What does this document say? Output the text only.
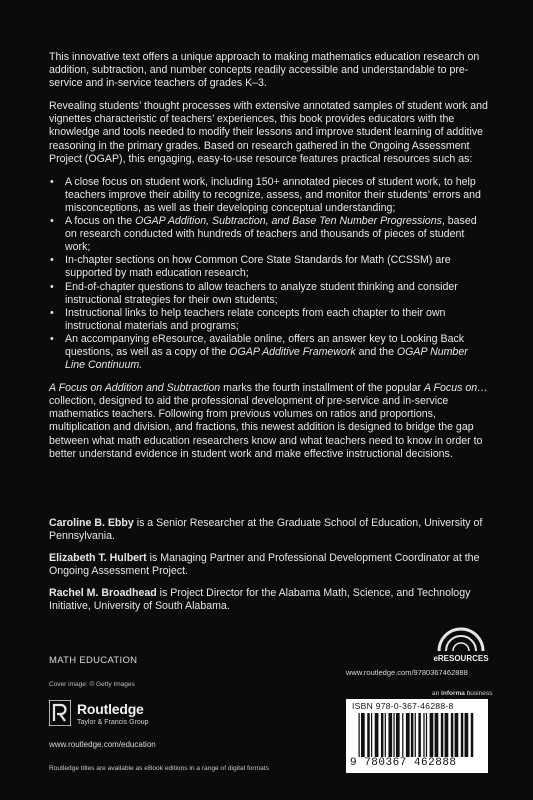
This innovative text offers a unique approach to making mathematics education research on addition, subtraction, and number concepts readily accessible and understandable to pre-service and in-service teachers of grades K–3.

Revealing students’ thought processes with extensive annotated samples of student work and vignettes characteristic of teachers’ experiences, this book provides educators with the knowledge and tools needed to modify their lessons and improve student learning of additive reasoning in the primary grades. Based on research gathered in the Ongoing Assessment Project (OGAP), this engaging, easy-to-use resource features practical resources such as:

• A close focus on student work, including 150+ annotated pieces of student work, to help teachers improve their ability to recognize, assess, and monitor their students’ errors and misconceptions, as well as their developing conceptual understanding;
• A focus on the OGAP Addition, Subtraction, and Base Ten Number Progressions, based on research conducted with hundreds of teachers and thousands of pieces of student work;
• In-chapter sections on how Common Core State Standards for Math (CCSSM) are supported by math education research;
• End-of-chapter questions to allow teachers to analyze student thinking and consider instructional strategies for their own students;
• Instructional links to help teachers relate concepts from each chapter to their own instructional materials and programs;
• An accompanying eResource, available online, offers an answer key to Looking Back questions, as well as a copy of the OGAP Additive Framework and the OGAP Number Line Continuum.

A Focus on Addition and Subtraction marks the fourth installment of the popular A Focus on… collection, designed to aid the professional development of pre-service and in-service mathematics teachers. Following from previous volumes on ratios and proportions, multiplication and division, and fractions, this newest addition is designed to bridge the gap between what math education researchers know and what teachers need to know in order to better understand evidence in student work and make effective instructional decisions.

Caroline B. Ebby is a Senior Researcher at the Graduate School of Education, University of Pennsylvania.

Elizabeth T. Hulbert is Managing Partner and Professional Development Coordinator at the Ongoing Assessment Project.

Rachel M. Broadhead is Project Director for the Alabama Math, Science, and Technology Initiative, University of South Alabama.

MATH EDUCATION
Cover image: © Getty Images
Routledge
Taylor & Francis Group
www.routledge.com/education
Routledge titles are available as eBook editions in a range of digital formats
eRESOURCES
www.routledge.com/9780367462888
an informa business
ISBN 978-0-367-46288-8
9 780367 462888
